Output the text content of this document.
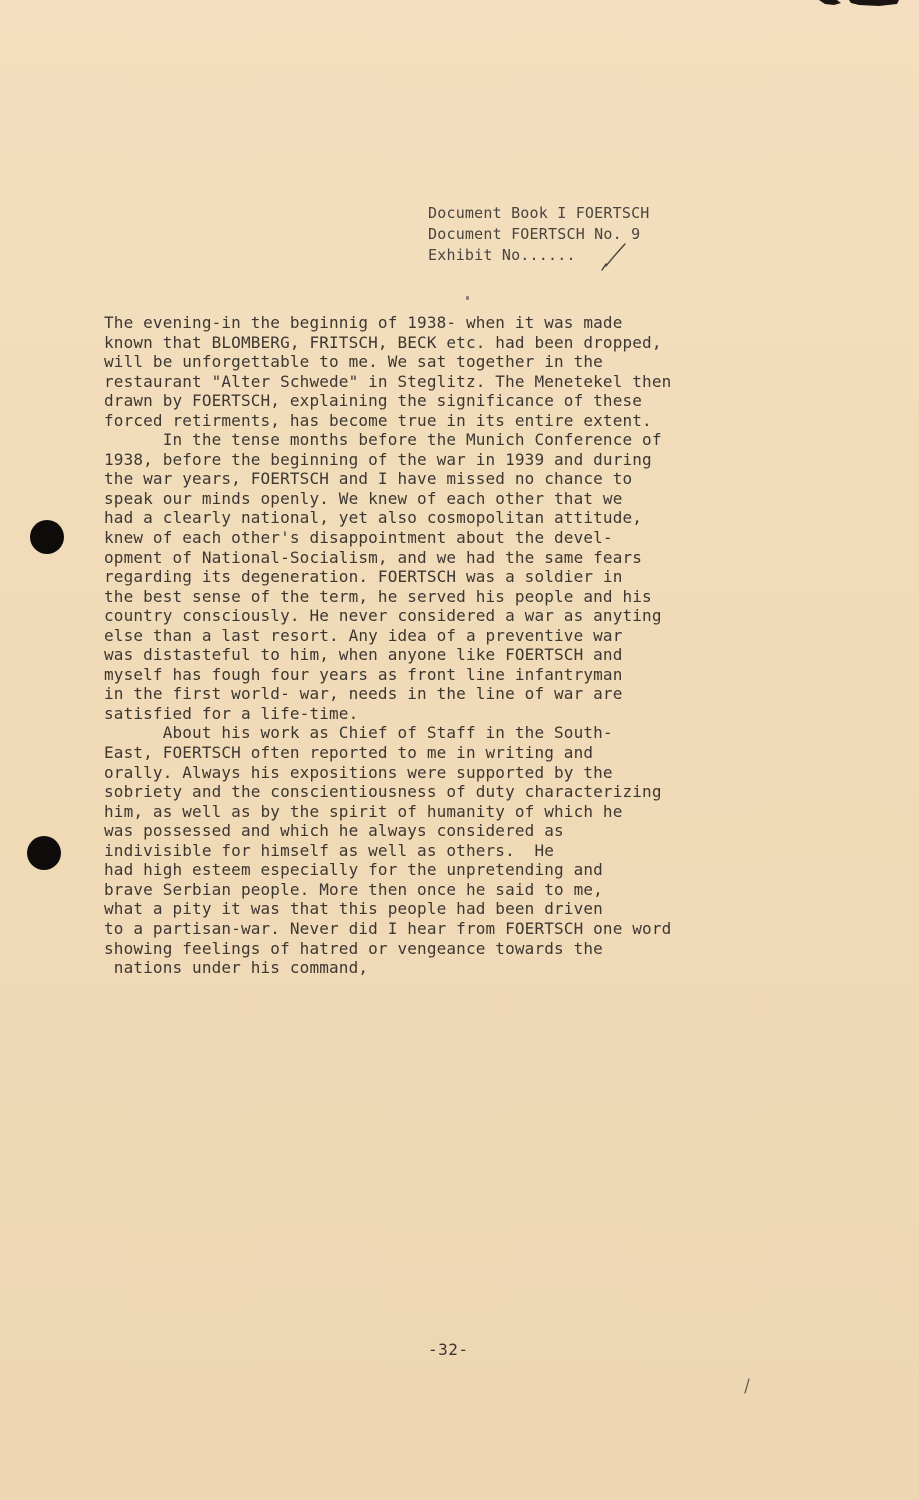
Document Book I FOERTSCH
Document FOERTSCH No. 9
Exhibit No......
The evening-in the beginnig of 1938- when it was made
known that BLOMBERG, FRITSCH, BECK etc. had been dropped,
will be unforgettable to me. We sat together in the
restaurant "Alter Schwede" in Steglitz. The Menetekel then
drawn by FOERTSCH, explaining the significance of these
forced retirments, has become true in its entire extent.
In the tense months before the Munich Conference of
1938, before the beginning of the war in 1939 and during
the war years, FOERTSCH and I have missed no chance to
speak our minds openly. We knew of each other that we
had a clearly national, yet also cosmopolitan attitude,
knew of each other's disappointment about the devel-
opment of National-Socialism, and we had the same fears
regarding its degeneration. FOERTSCH was a soldier in
the best sense of the term, he served his people and his
country consciously. He never considered a war as anyting
else than a last resort. Any idea of a preventive war
was distasteful to him, when anyone like FOERTSCH and
myself has fough four years as front line infantryman
in the first world- war, needs in the line of war are
satisfied for a life-time.
About his work as Chief of Staff in the South-
East, FOERTSCH often reported to me in writing and
orally. Always his expositions were supported by the
sobriety and the conscientiousness of duty characterizing
him, as well as by the spirit of humanity of which he
was possessed and which he always considered as
indivisible for himself as well as others.  He
had high esteem especially for the unpretending and
brave Serbian people. More then once he said to me,
what a pity it was that this people had been driven
to a partisan-war. Never did I hear from FOERTSCH one word
showing feelings of hatred or vengeance towards the
nations under his command,
-32-
